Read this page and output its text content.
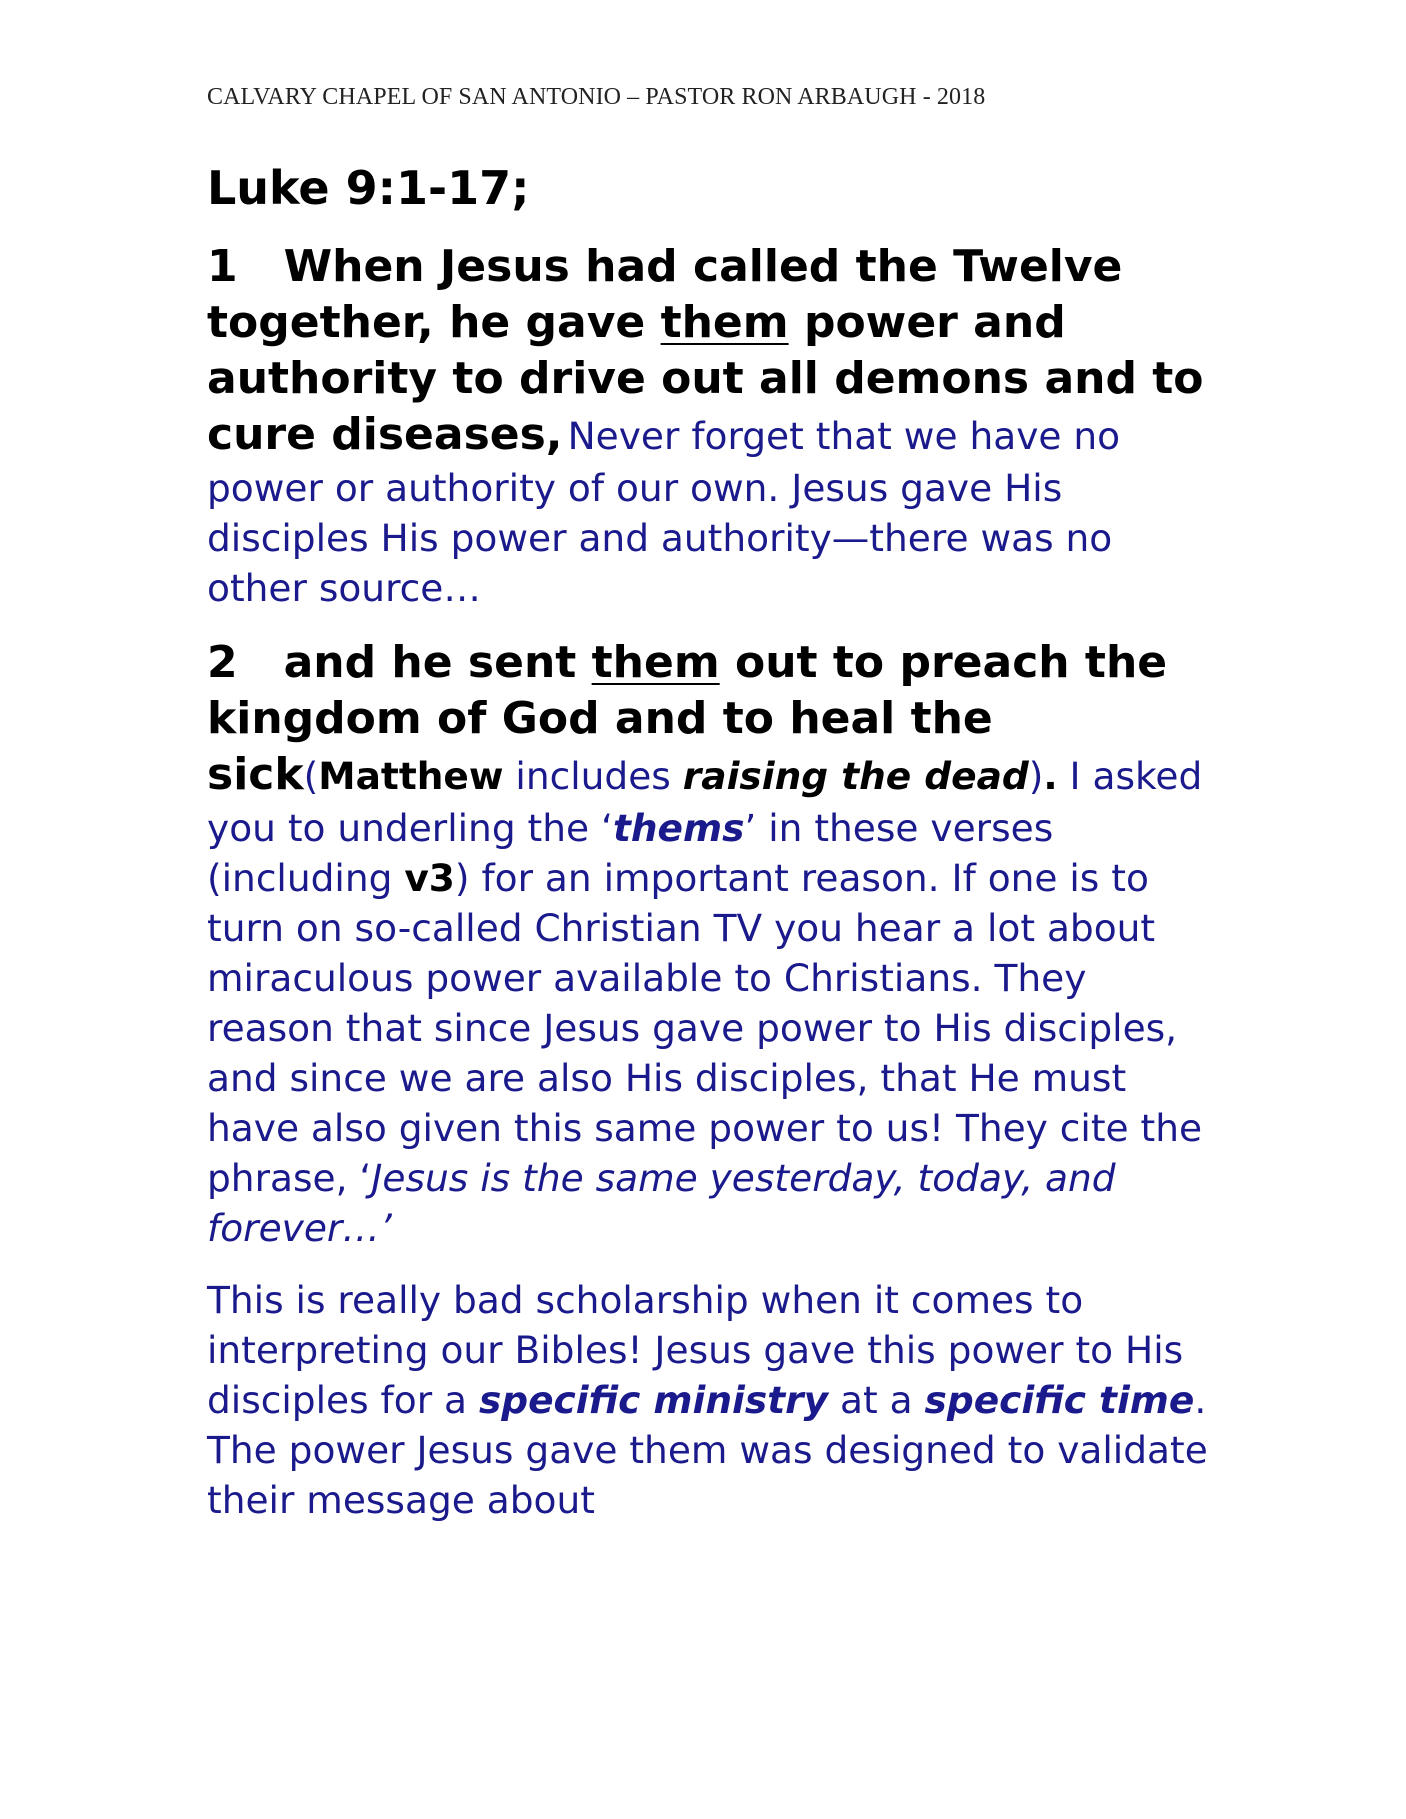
CALVARY CHAPEL OF SAN ANTONIO – PASTOR RON ARBAUGH - 2018
Luke 9:1-17;
1 When Jesus had called the Twelve together, he gave them power and authority to drive out all demons and to cure diseases, Never forget that we have no power or authority of our own. Jesus gave His disciples His power and authority—there was no other source…
2 and he sent them out to preach the kingdom of God and to heal the sick(Matthew includes raising the dead). I asked you to underling the ‘thems’ in these verses (including v3) for an important reason. If one is to turn on so-called Christian TV you hear a lot about miraculous power available to Christians. They reason that since Jesus gave power to His disciples, and since we are also His disciples, that He must have also given this same power to us! They cite the phrase, ‘Jesus is the same yesterday, today, and forever…’
This is really bad scholarship when it comes to interpreting our Bibles! Jesus gave this power to His disciples for a specific ministry at a specific time. The power Jesus gave them was designed to validate their message about
